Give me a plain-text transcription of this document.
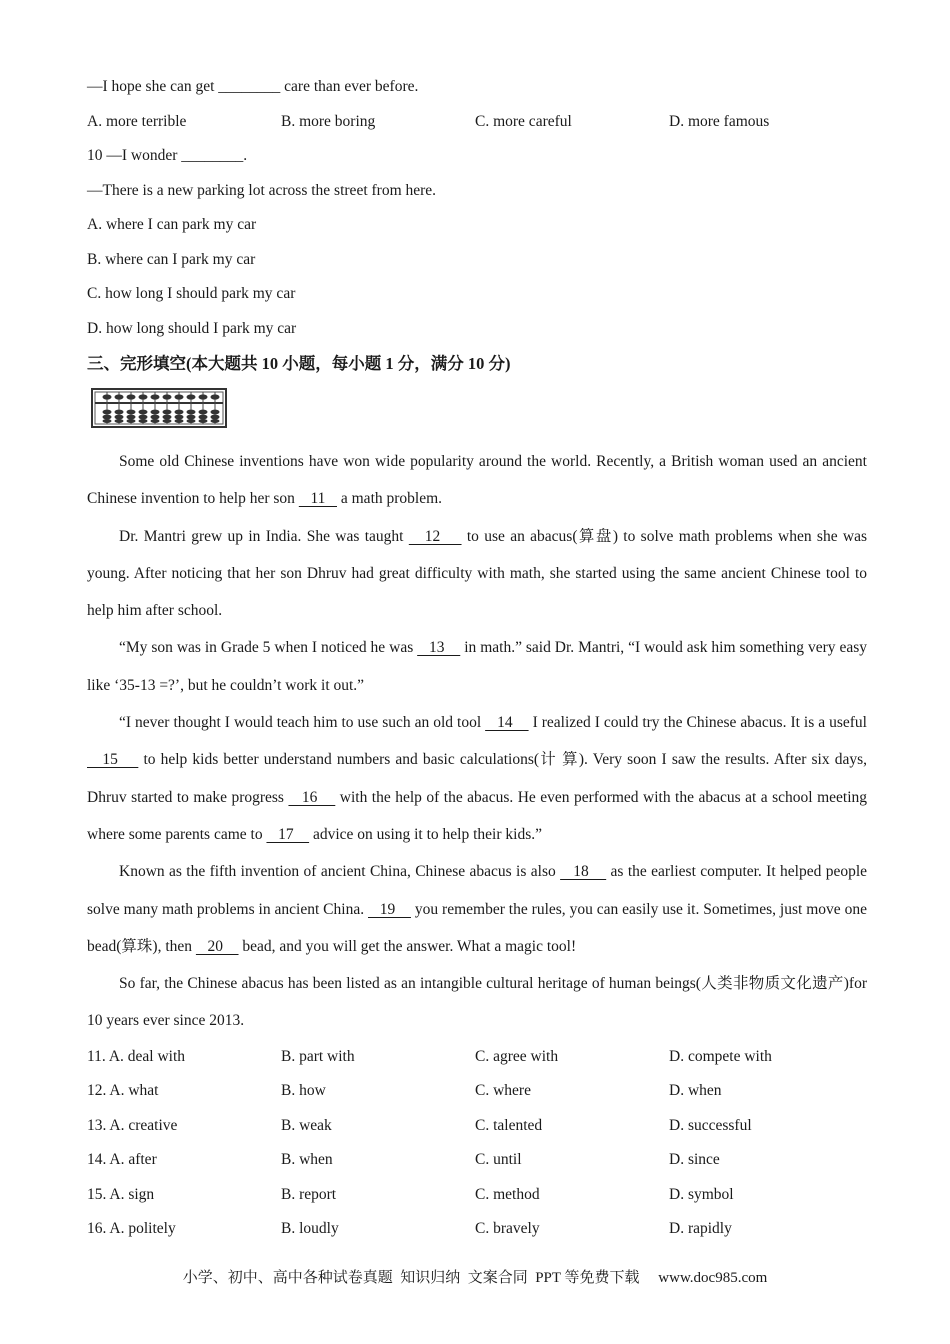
—I hope she can get ________ care than ever before.
A. more terrible	B. more boring	C. more careful	D. more famous
10 —I wonder ________.
—There is a new parking lot across the street from here.
A. where I can park my car
B. where can I park my car
C. how long I should park my car
D. how long should I park my car
三、完形填空(本大题共 10 小题，每小题 1 分，满分 10 分)

Some old Chinese inventions have won wide popularity around the world. Recently, a British woman used an ancient Chinese invention to help her son    11    a math problem.

Dr. Mantri grew up in India. She was taught    12     to use an abacus(算盘) to solve math problems when she was young. After noticing that her son Dhruv had great difficulty with math, she started using the same ancient Chinese tool to help him after school.

“My son was in Grade 5 when I noticed he was    13     in math.” said Dr. Mantri, “I would ask him something very easy like ‘35-13 =?’, but he couldn’t work it out.”

“I never thought I would teach him to use such an old tool    14     I realized I could try the Chinese abacus. It is a useful    15     to help kids better understand numbers and basic calculations(计 算). Very soon I saw the results. After six days, Dhruv started to make progress    16     with the help of the abacus. He even performed with the abacus at a school meeting where some parents came to    17     advice on using it to help their kids.”

Known as the fifth invention of ancient China, Chinese abacus is also    18     as the earliest computer. It helped people solve many math problems in ancient China.    19     you remember the rules, you can easily use it. Sometimes, just move one bead(算珠), then    20     bead, and you will get the answer. What a magic tool!

So far, the Chinese abacus has been listed as an intangible cultural heritage of human beings(人类非物质文化遗产)for 10 years ever since 2013.

11. A. deal with	B. part with	C. agree with	D. compete with
12. A. what	B. how	C. where	D. when
13. A. creative	B. weak	C. talented	D. successful
14. A. after	B. when	C. until	D. since
15. A. sign	B. report	C. method	D. symbol
16. A. politely	B. loudly	C. bravely	D. rapidly
小学、初中、高中各种试卷真题  知识归纳  文案合同  PPT 等免费下载     www.doc985.com
